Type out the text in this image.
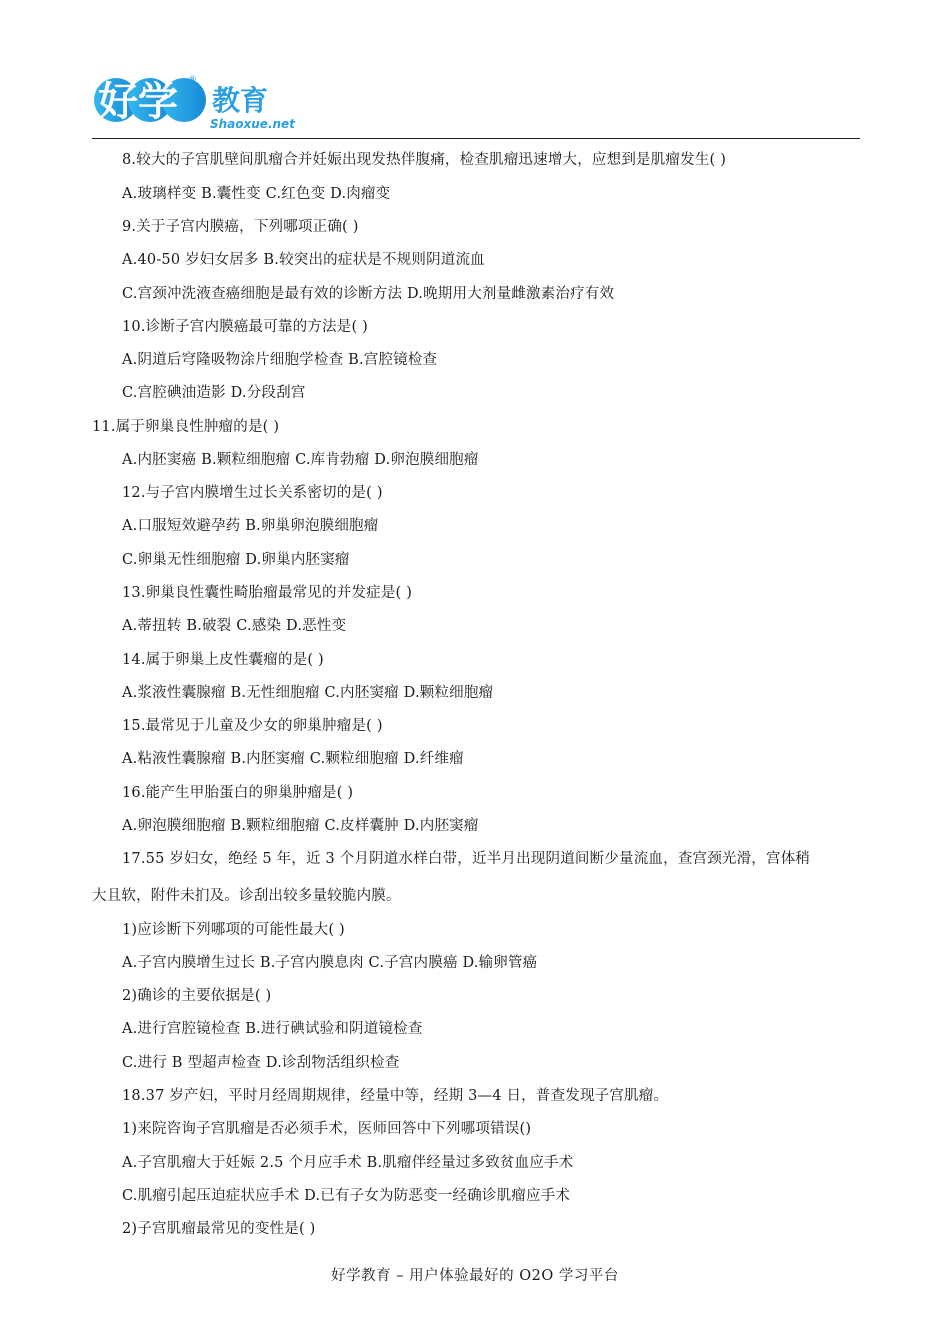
好学 教育
®
Shaoxue.net
8.较大的子宫肌壁间肌瘤合并妊娠出现发热伴腹痛，检查肌瘤迅速增大，应想到是肌瘤发生( )
A.玻璃样变 B.囊性变 C.红色变 D.肉瘤变
9.关于子宫内膜癌，下列哪项正确( )
A.40-50 岁妇女居多 B.较突出的症状是不规则阴道流血
C.宫颈冲洗液查癌细胞是最有效的诊断方法 D.晚期用大剂量雌激素治疗有效
10.诊断子宫内膜癌最可靠的方法是( )
A.阴道后穹隆吸物涂片细胞学检查 B.宫腔镜检查
C.宫腔碘油造影 D.分段刮宫
11.属于卵巢良性肿瘤的是( )
A.内胚窦癌 B.颗粒细胞瘤 C.库肯勃瘤 D.卵泡膜细胞瘤
12.与子宫内膜增生过长关系密切的是( )
A.口服短效避孕药 B.卵巢卵泡膜细胞瘤
C.卵巢无性细胞瘤 D.卵巢内胚窦瘤
13.卵巢良性囊性畸胎瘤最常见的并发症是( )
A.蒂扭转 B.破裂 C.感染 D.恶性变
14.属于卵巢上皮性囊瘤的是( )
A.浆液性囊腺瘤 B.无性细胞瘤 C.内胚窦瘤 D.颗粒细胞瘤
15.最常见于儿童及少女的卵巢肿瘤是( )
A.粘液性囊腺瘤 B.内胚窦瘤 C.颗粒细胞瘤 D.纤维瘤
16.能产生甲胎蛋白的卵巢肿瘤是( )
A.卵泡膜细胞瘤 B.颗粒细胞瘤 C.皮样囊肿 D.内胚窦瘤
17.55 岁妇女，绝经 5 年，近 3 个月阴道水样白带，近半月出现阴道间断少量流血，查宫颈光滑，宫体稍
大且软，附件未扪及。诊刮出较多量较脆内膜。
1)应诊断下列哪项的可能性最大( )
A.子宫内膜增生过长 B.子宫内膜息肉 C.子宫内膜癌 D.输卵管癌
2)确诊的主要依据是( )
A.进行宫腔镜检查 B.进行碘试验和阴道镜检查
C.进行 B 型超声检查 D.诊刮物活组织检查
18.37 岁产妇，平时月经周期规律，经量中等，经期 3—4 日，普查发现子宫肌瘤。
1)来院咨询子宫肌瘤是否必须手术，医师回答中下列哪项错误()
A.子宫肌瘤大于妊娠 2.5 个月应手术 B.肌瘤伴经量过多致贫血应手术
C.肌瘤引起压迫症状应手术 D.已有子女为防恶变一经确诊肌瘤应手术
2)子宫肌瘤最常见的变性是( )
好学教育 – 用户体验最好的 O2O 学习平台
